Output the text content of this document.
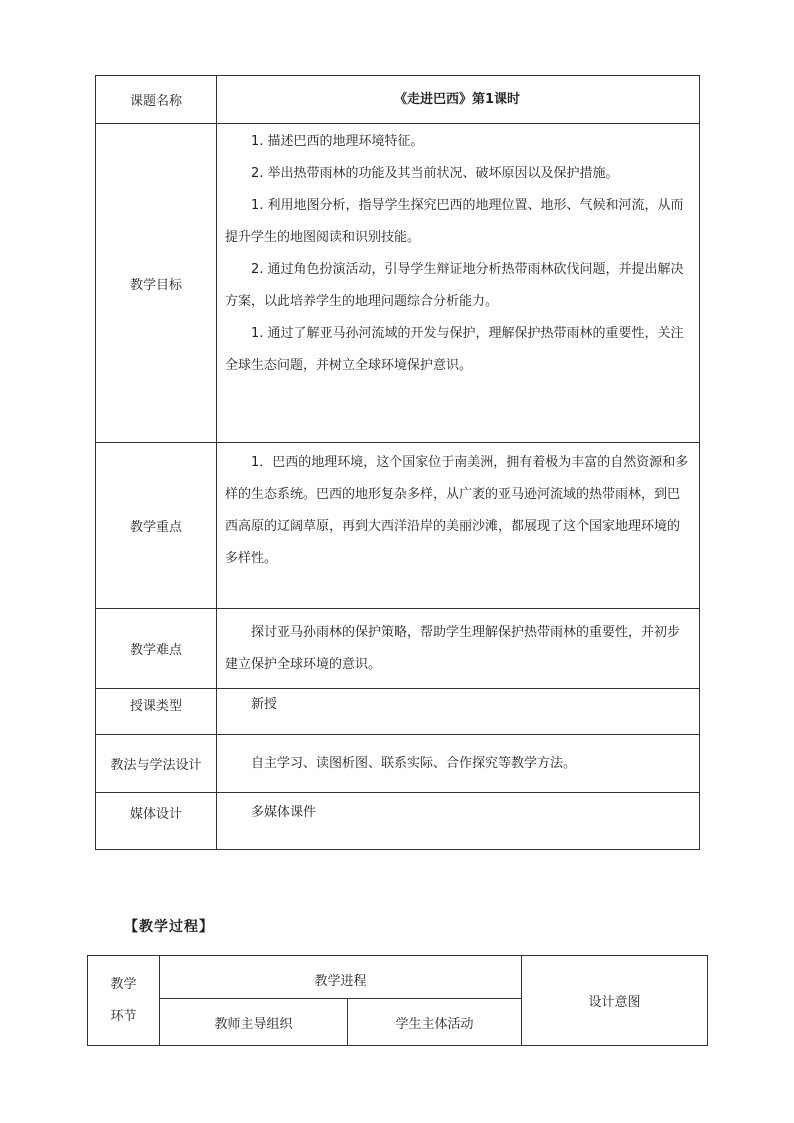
课题名称	《走进巴西》第1课时
教学目标	1. 描述巴西的地理环境特征。

2. 举出热带雨林的功能及其当前状况、破坏原因以及保护措施。

1. 利用地图分析，指导学生探究巴西的地理位置、地形、气候和河流，从而提升学生的地图阅读和识别技能。

2. 通过角色扮演活动，引导学生辩证地分析热带雨林砍伐问题，并提出解决方案，以此培养学生的地理问题综合分析能力。

1. 通过了解亚马孙河流域的开发与保护，理解保护热带雨林的重要性，关注全球生态问题，并树立全球环境保护意识。

教学重点	1．巴西的地理环境，这个国家位于南美洲，拥有着极为丰富的自然资源和多样的生态系统。巴西的地形复杂多样，从广袤的亚马逊河流域的热带雨林，到巴西高原的辽阔草原，再到大西洋沿岸的美丽沙滩，都展现了这个国家地理环境的多样性。

教学难点	探讨亚马孙雨林的保护策略，帮助学生理解保护热带雨林的重要性，并初步建立保护全球环境的意识。

授课类型	新授

教法与学法设计	自主学习、读图析图、联系实际、合作探究等教学方法。

媒体设计	多媒体课件

【教学过程】
教学
环节	教学进程		设计意图
	教师主导组织	学生主体活动	
